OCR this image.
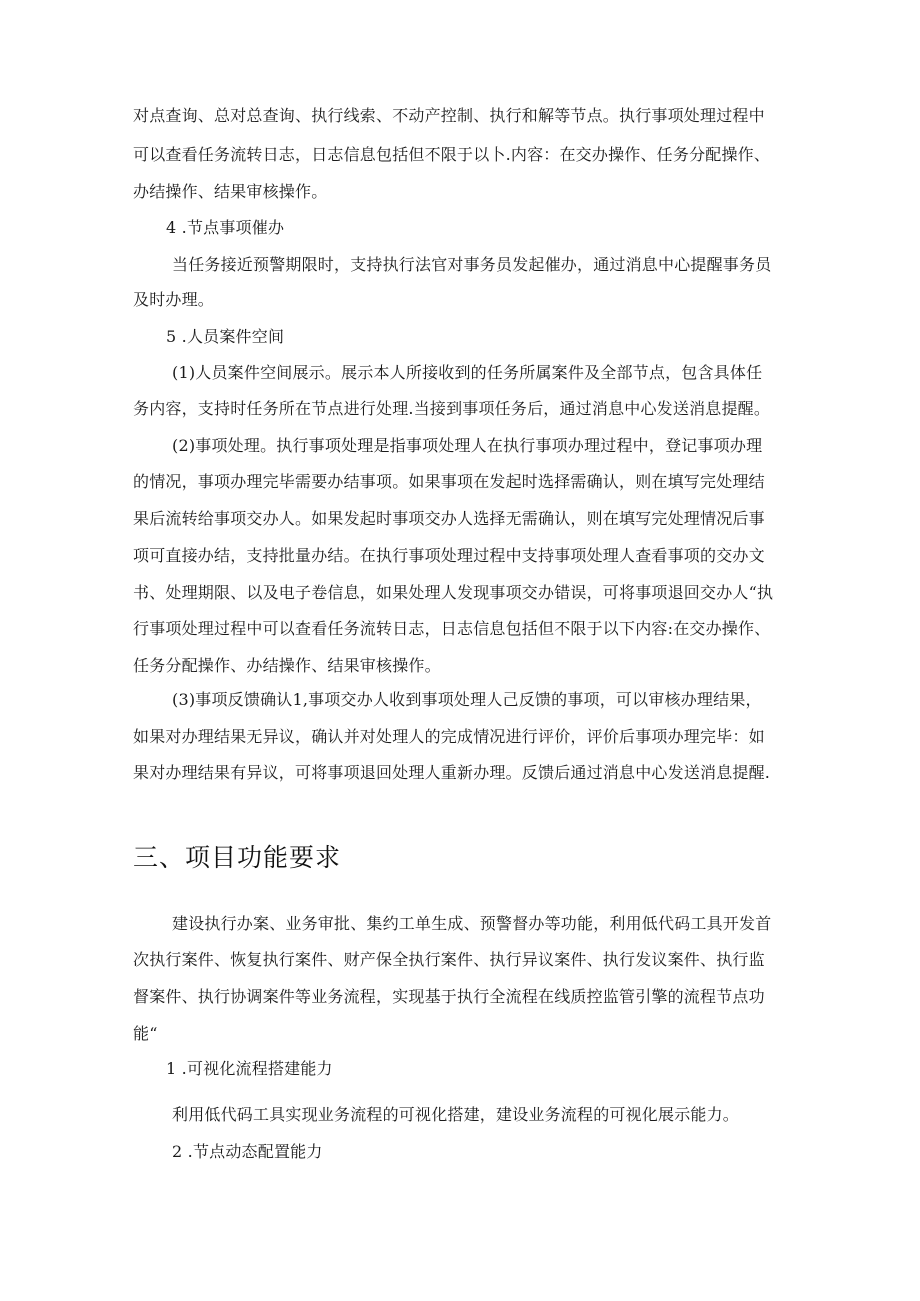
对点查询、总对总查询、执行线索、不动产控制、执行和解等节点。执行事项处理过程中
可以查看任务流转日志，日志信息包括但不限于以卜.内容：在交办操作、任务分配操作、
办结操作、结果审核操作。
4 .节点事项催办
当任务接近预警期限时，支持执行法官对事务员发起催办，通过消息中心提醒事务员
及时办理。
5 .人员案件空间
(1)人员案件空间展示。展示本人所接收到的任务所属案件及全部节点，包含具体任
务内容，支持时任务所在节点进行处理.当接到事项任务后，通过消息中心发送消息提醒。
(2)事项处理。执行事项处理是指事项处理人在执行事项办理过程中，登记事项办理
的情况，事项办理完毕需要办结事项。如果事项在发起时选择需确认，则在填写完处理结
果后流转给事项交办人。如果发起时事项交办人选择无需确认，则在填写完处理情况后事
项可直接办结，支持批量办结。在执行事项处理过程中支持事项处理人查看事项的交办文
书、处理期限、以及电子卷信息，如果处理人发现事项交办错误，可将事项退回交办人“执
行事项处理过程中可以查看任务流转日志，日志信息包括但不限于以下内容:在交办操作、
任务分配操作、办结操作、结果审核操作。
(3)事项反馈确认1,事项交办人收到事项处理人己反馈的事项，可以审核办理结果，
如果对办理结果无异议，确认并对处理人的完成情况进行评价，评价后事项办理完毕：如
果对办理结果有异议，可将事项退回处理人重新办理。反馈后通过消息中心发送消息提醒.
三、项目功能要求
建设执行办案、业务审批、集约工单生成、预警督办等功能，利用低代码工具开发首
次执行案件、恢复执行案件、财产保全执行案件、执行异议案件、执行发议案件、执行监
督案件、执行协调案件等业务流程，实现基于执行全流程在线质控监管引擎的流程节点功
能“
1 .可视化流程搭建能力
利用低代码工具实现业务流程的可视化搭建，建设业务流程的可视化展示能力。
2 .节点动态配置能力
